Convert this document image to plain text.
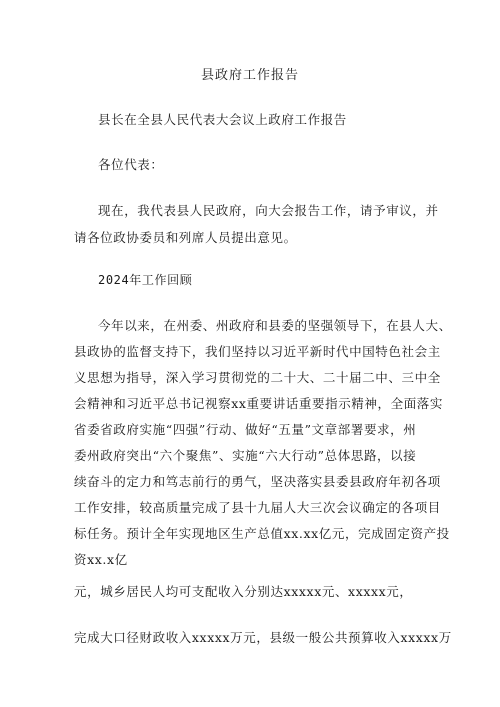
县政府工作报告
县长在全县人民代表大会议上政府工作报告
各位代表：
现在，我代表县人民政府，向大会报告工作，请予审议，并
请各位政协委员和列席人员提出意见。
2024年工作回顾
今年以来，在州委、州政府和县委的坚强领导下，在县人大、
县政协的监督支持下，我们坚持以习近平新时代中国特色社会主
义思想为指导，深入学习贯彻党的二十大、二十届二中、三中全
会精神和习近平总书记视察xx重要讲话重要指示精神，全面落实
省委省政府实施“四强”行动、做好“五量”文章部署要求，州
委州政府突出“六个聚焦”、实施“六大行动”总体思路，以接
续奋斗的定力和笃志前行的勇气，坚决落实县委县政府年初各项
工作安排，较高质量完成了县十九届人大三次会议确定的各项目
标任务。预计全年实现地区生产总值xx.xx亿元，完成固定资产投
资xx.x亿
元，城乡居民人均可支配收入分别达xxxxx元、xxxxx元，
完成大口径财政收入xxxxx万元，县级一般公共预算收入xxxxx万
